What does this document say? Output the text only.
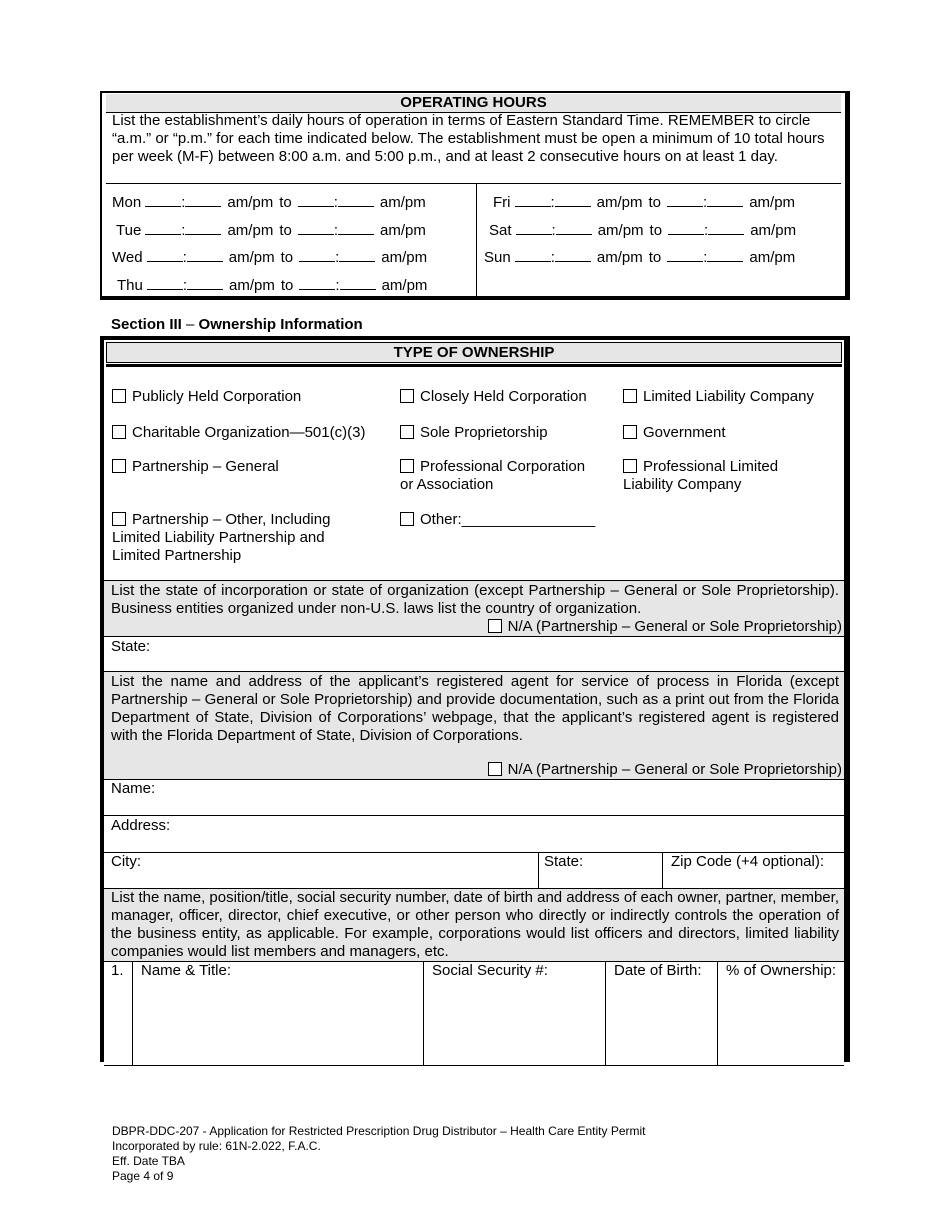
OPERATING HOURS
List the establishment’s daily hours of operation in terms of Eastern Standard Time. REMEMBER to circle “a.m.” or “p.m.” for each time indicated below. The establishment must be open a minimum of 10 total hours per week (M-F) between 8:00 a.m. and 5:00 p.m., and at least 2 consecutive hours on at least 1 day.
Mon	:	am/pm to	:	am/pm
Tue	:	am/pm to	:	am/pm
Wed	:	am/pm to	:	am/pm
Thu	:	am/pm to	:	am/pm
Fri	:	am/pm to	:	am/pm
Sat	:	am/pm to	:	am/pm
Sun	:	am/pm to	:	am/pm
Section III – Ownership Information
TYPE OF OWNERSHIP
Publicly Held Corporation	Closely Held Corporation	Limited Liability Company
Charitable Organization—501(c)(3)	Sole Proprietorship	Government
Partnership – General	Professional Corporation
or Association
Professional Limited
Liability Company
Partnership – Other, Including
Limited Liability Partnership and
Limited Partnership
Other:________________
List the state of incorporation or state of organization (except Partnership – General or Sole Proprietorship). Business entities organized under non-U.S. laws list the country of organization.
N/A (Partnership – General or Sole Proprietorship)
State:
List the name and address of the applicant’s registered agent for service of process in Florida (except Partnership – General or Sole Proprietorship) and provide documentation, such as a print out from the Florida Department of State, Division of Corporations’ webpage, that the applicant’s registered agent is registered with the Florida Department of State, Division of Corporations.
N/A (Partnership – General or Sole Proprietorship)
Name:
Address:
City:	State:	Zip Code (+4 optional):
List the name, position/title, social security number, date of birth and address of each owner, partner, member, manager, officer, director, chief executive, or other person who directly or indirectly controls the operation of the business entity, as applicable. For example, corporations would list officers and directors, limited liability companies would list members and managers, etc.
1. Name & Title:	Social Security #:	Date of Birth: % of Ownership:
DBPR-DDC-207 - Application for Restricted Prescription Drug Distributor – Health Care Entity Permit
Incorporated by rule: 61N-2.022, F.A.C.
Eff. Date TBA
Page 4 of 9
